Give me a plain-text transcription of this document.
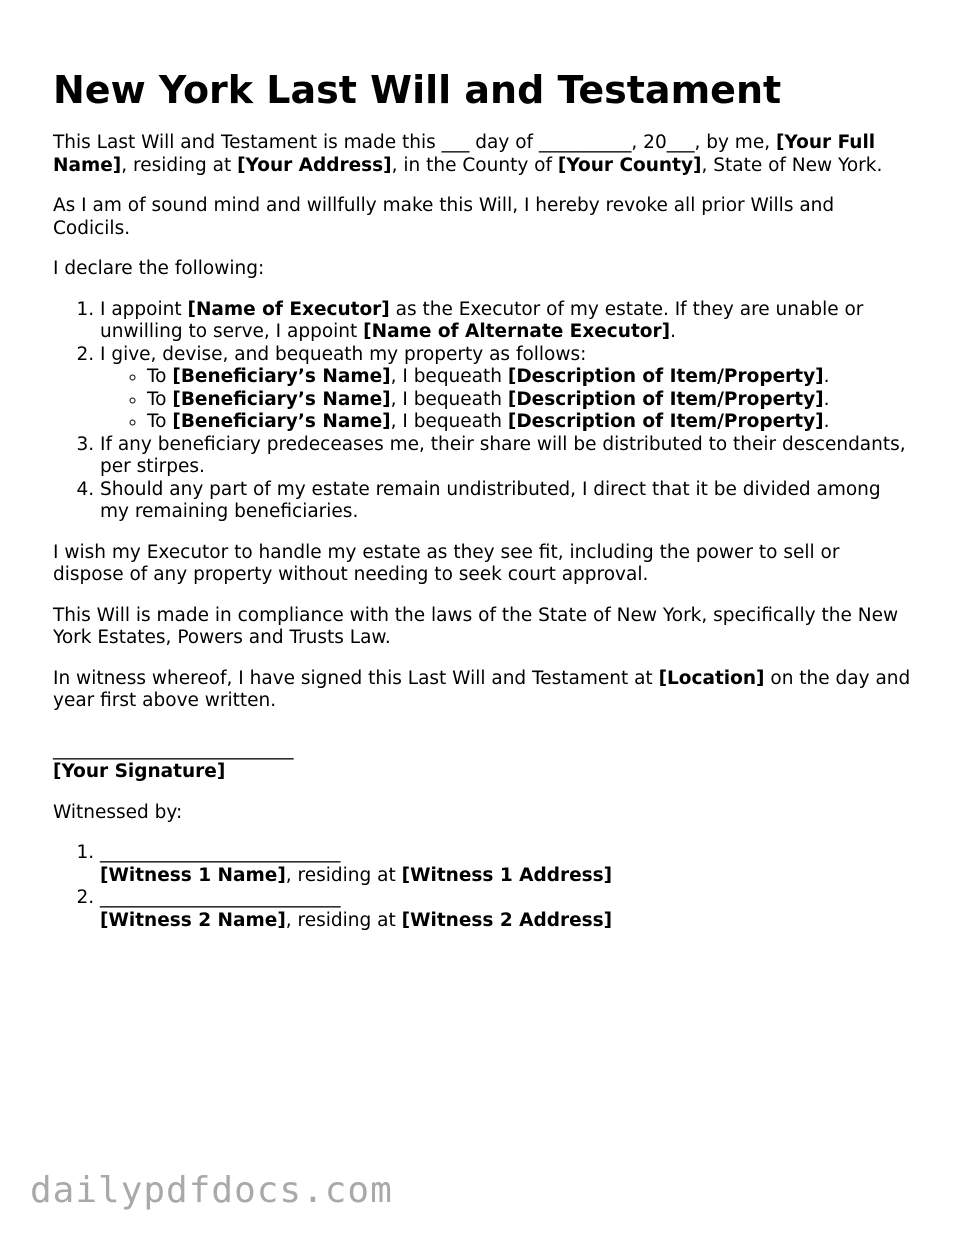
New York Last Will and Testament

This Last Will and Testament is made this ___ day of __________, 20___, by me, [Your Full Name], residing at [Your Address], in the County of [Your County], State of New York.

As I am of sound mind and willfully make this Will, I hereby revoke all prior Wills and Codicils.

I declare the following:

1. I appoint [Name of Executor] as the Executor of my estate. If they are unable or unwilling to serve, I appoint [Name of Alternate Executor].
2. I give, devise, and bequeath my property as follows:
◦ To [Beneficiary’s Name], I bequeath [Description of Item/Property].
◦ To [Beneficiary’s Name], I bequeath [Description of Item/Property].
◦ To [Beneficiary’s Name], I bequeath [Description of Item/Property].
3. If any beneficiary predeceases me, their share will be distributed to their descendants, per stirpes.
4. Should any part of my estate remain undistributed, I direct that it be divided among my remaining beneficiaries.

I wish my Executor to handle my estate as they see fit, including the power to sell or dispose of any property without needing to seek court approval.

This Will is made in compliance with the laws of the State of New York, specifically the New York Estates, Powers and Trusts Law.

In witness whereof, I have signed this Last Will and Testament at [Location] on the day and year first above written.

__________________________

[Your Signature]

Witnessed by:

1. __________________________
[Witness 1 Name], residing at [Witness 1 Address]
2. __________________________
[Witness 2 Name], residing at [Witness 2 Address]
dailypdfdocs.com
